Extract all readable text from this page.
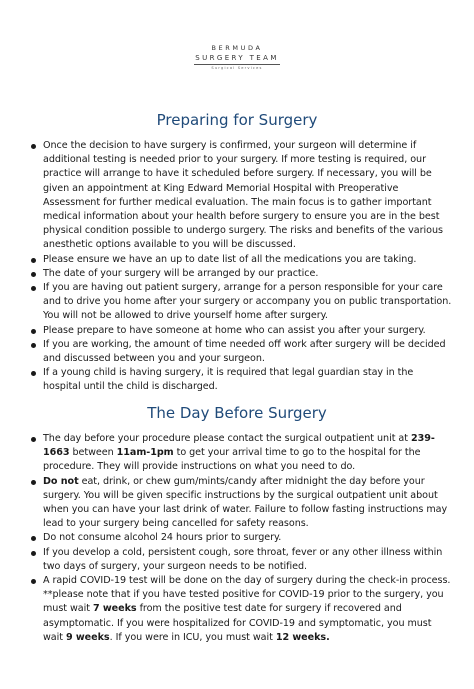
BERMUDA
SURGERY TEAM
Surgical Services
Preparing for Surgery
Once the decision to have surgery is confirmed, your surgeon will determine if additional testing is needed prior to your surgery. If more testing is required, our practice will arrange to have it scheduled before surgery. If necessary, you will be given an appointment at King Edward Memorial Hospital with Preoperative Assessment for further medical evaluation. The main focus is to gather important medical information about your health before surgery to ensure you are in the best physical condition possible to undergo surgery. The risks and benefits of the various anesthetic options available to you will be discussed.
Please ensure we have an up to date list of all the medications you are taking.
The date of your surgery will be arranged by our practice.
If you are having out patient surgery, arrange for a person responsible for your care and to drive you home after your surgery or accompany you on public transportation. You will not be allowed to drive yourself home after surgery.
Please prepare to have someone at home who can assist you after your surgery.
If you are working, the amount of time needed off work after surgery will be decided and discussed between you and your surgeon.
If a young child is having surgery, it is required that legal guardian stay in the hospital until the child is discharged.
The Day Before Surgery
The day before your procedure please contact the surgical outpatient unit at 239-1663 between 11am-1pm to get your arrival time to go to the hospital for the procedure. They will provide instructions on what you need to do.
Do not eat, drink, or chew gum/mints/candy after midnight the day before your surgery. You will be given specific instructions by the surgical outpatient unit about when you can have your last drink of water. Failure to follow fasting instructions may lead to your surgery being cancelled for safety reasons.
Do not consume alcohol 24 hours prior to surgery.
If you develop a cold, persistent cough, sore throat, fever or any other illness within two days of surgery, your surgeon needs to be notified.
A rapid COVID-19 test will be done on the day of surgery during the check-in process. **please note that if you have tested positive for COVID-19 prior to the surgery, you must wait 7 weeks from the positive test date for surgery if recovered and asymptomatic. If you were hospitalized for COVID-19 and symptomatic, you must wait 9 weeks. If you were in ICU, you must wait 12 weeks.
